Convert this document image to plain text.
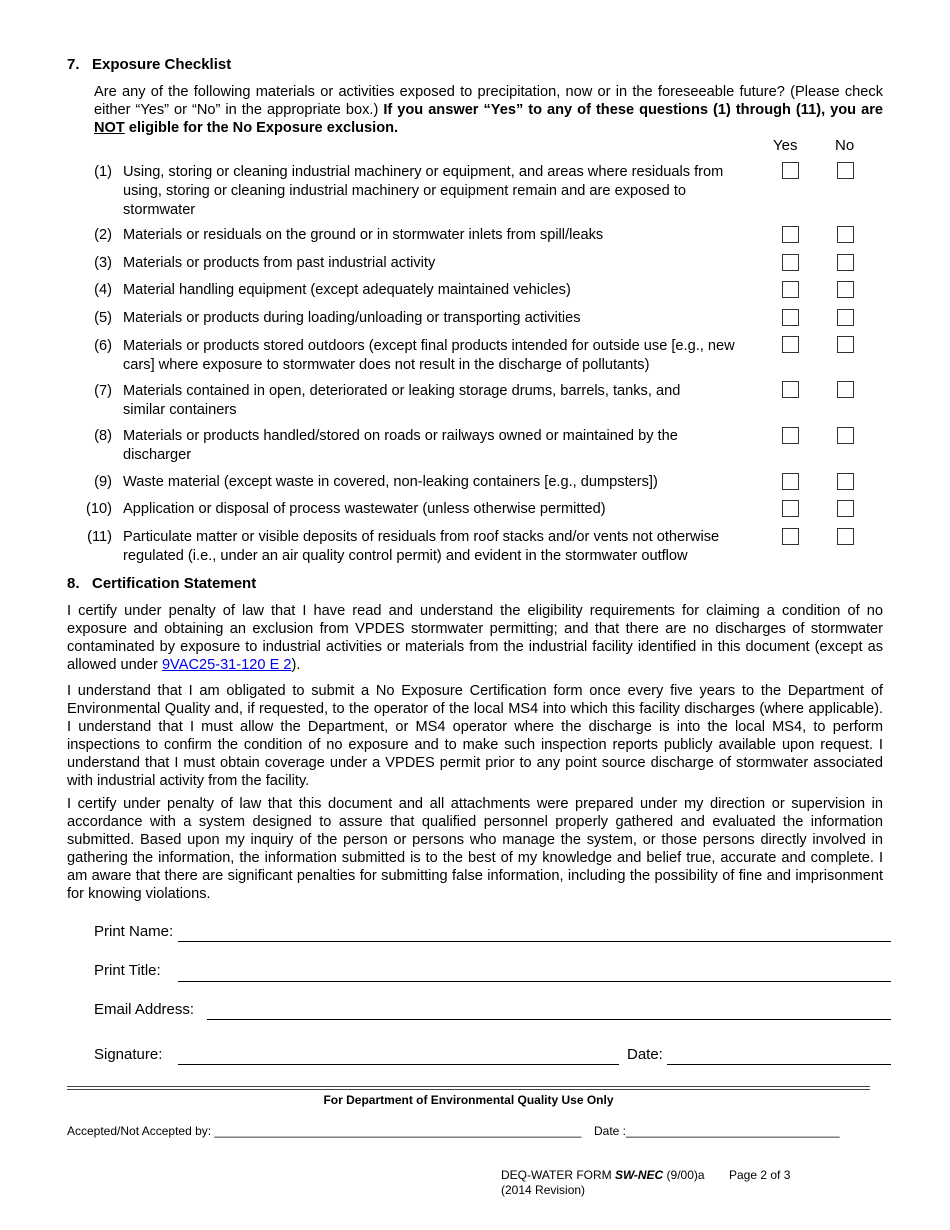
7.   Exposure Checklist
Are any of the following materials or activities exposed to precipitation, now or in the foreseeable future? (Please check either “Yes” or “No” in the appropriate box.) If you answer “Yes” to any of these questions (1) through (11), you are NOT eligible for the No Exposure exclusion.
Yes	No
(1) Using, storing or cleaning industrial machinery or equipment, and areas where residuals from using, storing or cleaning industrial machinery or equipment remain and are exposed to stormwater
(2) Materials or residuals on the ground or in stormwater inlets from spill/leaks
(3) Materials or products from past industrial activity
(4) Material handling equipment (except adequately maintained vehicles)
(5) Materials or products during loading/unloading or transporting activities
(6) Materials or products stored outdoors (except final products intended for outside use [e.g., new cars] where exposure to stormwater does not result in the discharge of pollutants)
(7) Materials contained in open, deteriorated or leaking storage drums, barrels, tanks, and similar containers
(8) Materials or products handled/stored on roads or railways owned or maintained by the discharger
(9) Waste material (except waste in covered, non-leaking containers [e.g., dumpsters])
(10) Application or disposal of process wastewater (unless otherwise permitted)
(11) Particulate matter or visible deposits of residuals from roof stacks and/or vents not otherwise regulated (i.e., under an air quality control permit) and evident in the stormwater outflow
8.   Certification Statement
I certify under penalty of law that I have read and understand the eligibility requirements for claiming a condition of no exposure and obtaining an exclusion from VPDES stormwater permitting; and that there are no discharges of stormwater contaminated by exposure to industrial activities or materials from the industrial facility identified in this document (except as allowed under 9VAC25-31-120 E 2).
I understand that I am obligated to submit a No Exposure Certification form once every five years to the Department of Environmental Quality and, if requested, to the operator of the local MS4 into which this facility discharges (where applicable). I understand that I must allow the Department, or MS4 operator where the discharge is into the local MS4, to perform inspections to confirm the condition of no exposure and to make such inspection reports publicly available upon request. I understand that I must obtain coverage under a VPDES permit prior to any point source discharge of stormwater associated with industrial activity from the facility.
I certify under penalty of law that this document and all attachments were prepared under my direction or supervision in accordance with a system designed to assure that qualified personnel properly gathered and evaluated the information submitted. Based upon my inquiry of the person or persons who manage the system, or those persons directly involved in gathering the information, the information submitted is to the best of my knowledge and belief true, accurate and complete. I am aware that there are significant penalties for submitting false information, including the possibility of fine and imprisonment for knowing violations.
Print Name:
Print Title:
Email Address:
Signature:	Date:
For Department of Environmental Quality Use Only
Accepted/Not Accepted by: _______________________________________________________ Date :________________________________
DEQ-WATER FORM SW-NEC (9/00)a Page 2 of 3
(2014 Revision)
